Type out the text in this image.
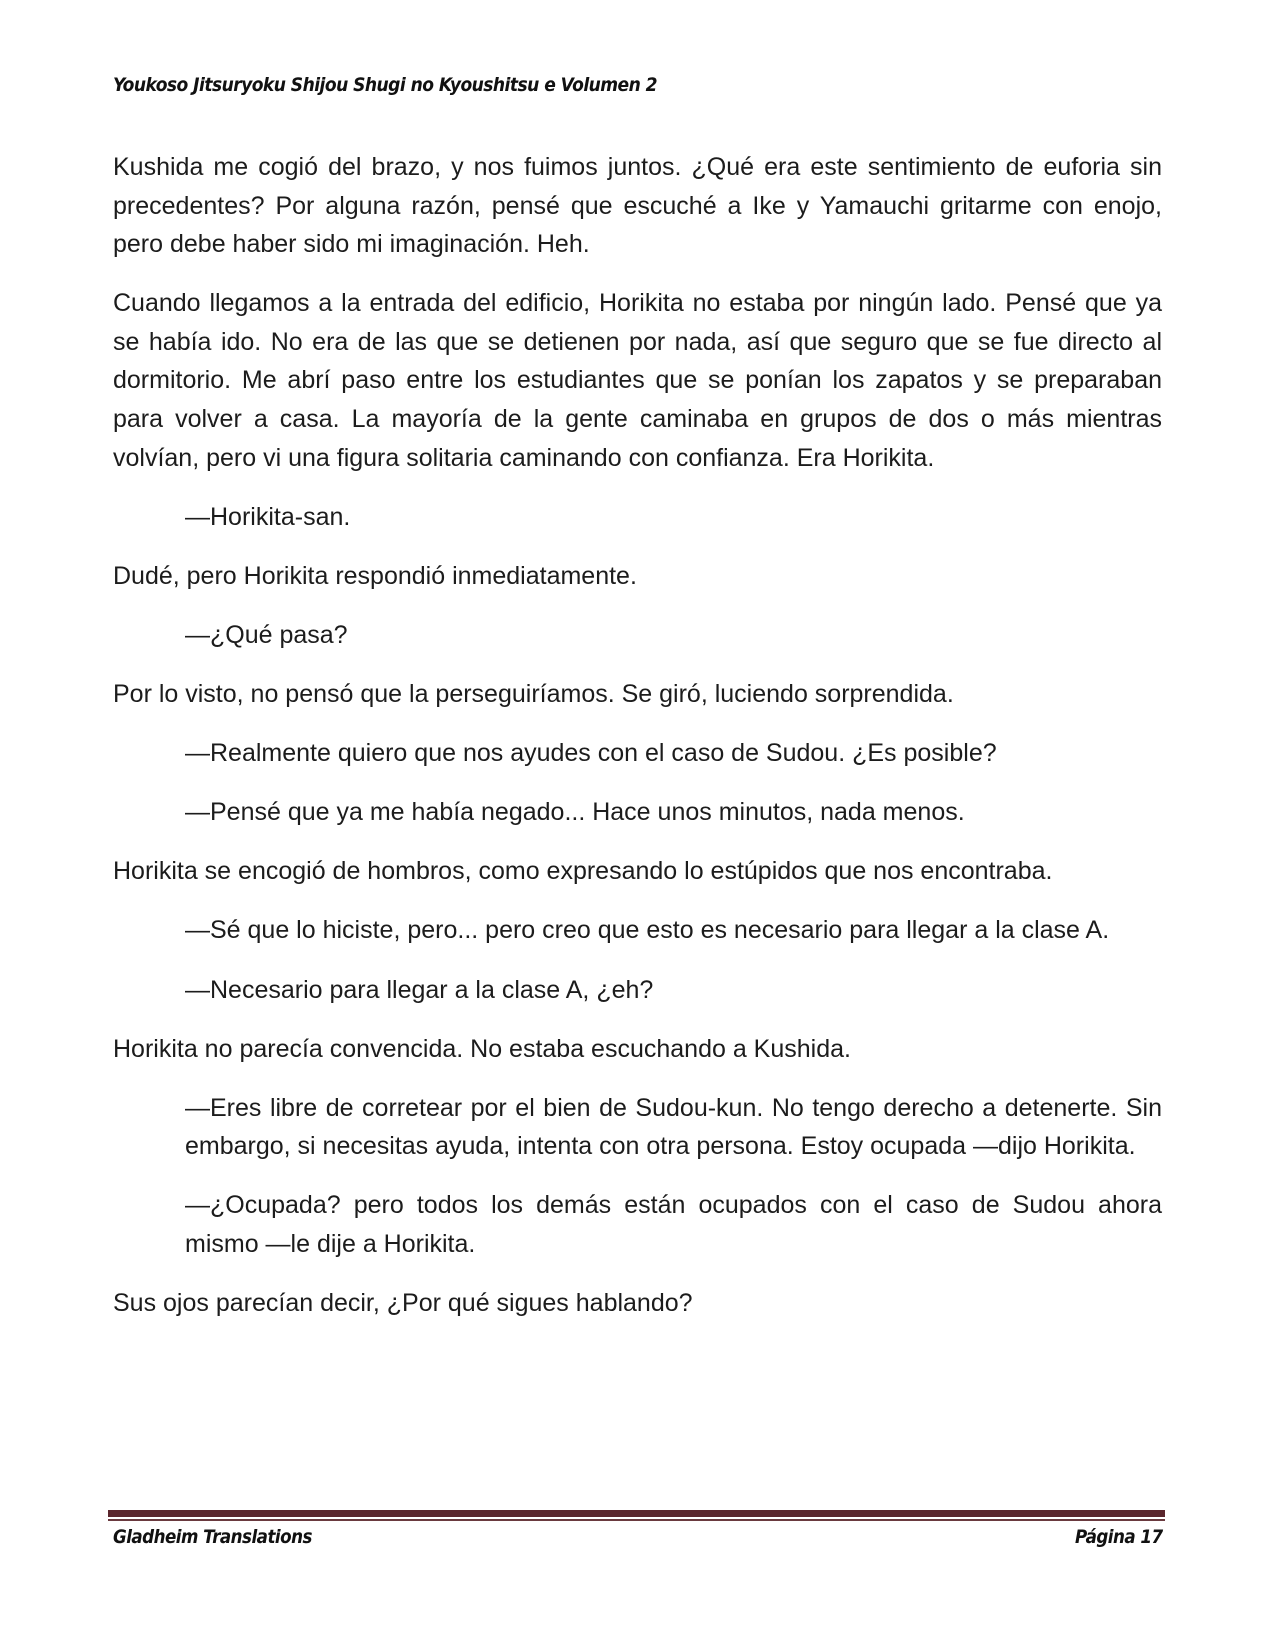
Youkoso Jitsuryoku Shijou Shugi no Kyoushitsu e Volumen 2

Kushida me cogió del brazo, y nos fuimos juntos. ¿Qué era este sentimiento de euforia sin precedentes? Por alguna razón, pensé que escuché a Ike y Yamauchi gritarme con enojo, pero debe haber sido mi imaginación. Heh.

Cuando llegamos a la entrada del edificio, Horikita no estaba por ningún lado. Pensé que ya se había ido. No era de las que se detienen por nada, así que seguro que se fue directo al dormitorio. Me abrí paso entre los estudiantes que se ponían los zapatos y se preparaban para volver a casa. La mayoría de la gente caminaba en grupos de dos o más mientras volvían, pero vi una figura solitaria caminando con confianza. Era Horikita.

—Horikita-san.

Dudé, pero Horikita respondió inmediatamente.

—¿Qué pasa?

Por lo visto, no pensó que la perseguiríamos. Se giró, luciendo sorprendida.

—Realmente quiero que nos ayudes con el caso de Sudou. ¿Es posible?

—Pensé que ya me había negado... Hace unos minutos, nada menos.

Horikita se encogió de hombros, como expresando lo estúpidos que nos encontraba.

—Sé que lo hiciste, pero... pero creo que esto es necesario para llegar a la clase A.

—Necesario para llegar a la clase A, ¿eh?

Horikita no parecía convencida. No estaba escuchando a Kushida.

—Eres libre de corretear por el bien de Sudou-kun. No tengo derecho a detenerte. Sin embargo, si necesitas ayuda, intenta con otra persona. Estoy ocupada —dijo Horikita.

—¿Ocupada? pero todos los demás están ocupados con el caso de Sudou ahora mismo —le dije a Horikita.

Sus ojos parecían decir, ¿Por qué sigues hablando?

Gladheim Translations	Página 17
